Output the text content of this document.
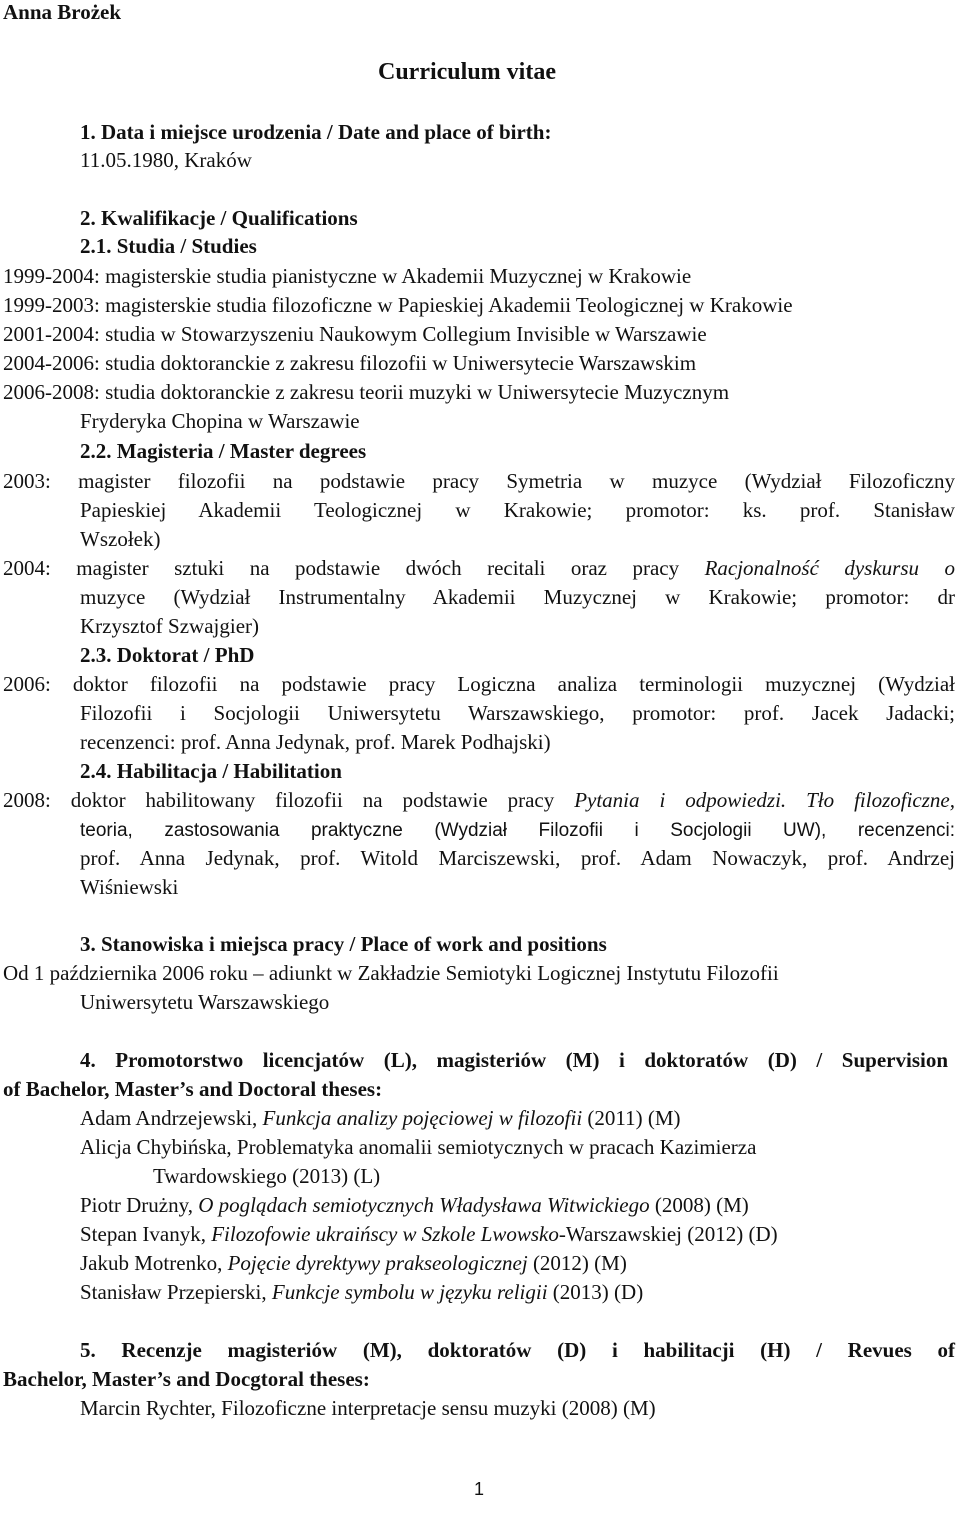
Anna Brożek
Curriculum vitae
1. Data i miejsce urodzenia / Date and place of birth:
11.05.1980, Kraków
2. Kwalifikacje / Qualifications
2.1. Studia / Studies
1999-2004: magisterskie studia pianistyczne w Akademii Muzycznej w Krakowie
1999-2003: magisterskie studia filozoficzne w Papieskiej Akademii Teologicznej w Krakowie
2001-2004: studia w Stowarzyszeniu Naukowym Collegium Invisible w Warszawie
2004-2006: studia doktoranckie z zakresu filozofii w Uniwersytecie Warszawskim
2006-2008: studia doktoranckie z zakresu teorii muzyki w Uniwersytecie Muzycznym
Fryderyka Chopina w Warszawie
2.2. Magisteria / Master degrees
2003: magister filozofii na podstawie pracy Symetria w muzyce (Wydział Filozoficzny
Papieskiej Akademii Teologicznej w Krakowie; promotor: ks. prof. Stanisław
Wszołek)
2004: magister sztuki na podstawie dwóch recitali oraz pracy Racjonalność dyskursu o
muzyce (Wydział Instrumentalny Akademii Muzycznej w Krakowie; promotor: dr
Krzysztof Szwajgier)
2.3. Doktorat / PhD
2006: doktor filozofii na podstawie pracy Logiczna analiza terminologii muzycznej (Wydział
Filozofii i Socjologii Uniwersytetu Warszawskiego, promotor: prof. Jacek Jadacki;
recenzenci: prof. Anna Jedynak, prof. Marek Podhajski)
2.4. Habilitacja / Habilitation
2008: doktor habilitowany filozofii na podstawie pracy Pytania i odpowiedzi. Tło filozoficzne,
teoria, zastosowania praktyczne (Wydział Filozofii i Socjologii UW), recenzenci:
prof. Anna Jedynak, prof. Witold Marciszewski, prof. Adam Nowaczyk, prof. Andrzej
Wiśniewski
3. Stanowiska i miejsca pracy / Place of work and positions
Od 1 października 2006 roku – adiunkt w Zakładzie Semiotyki Logicznej Instytutu Filozofii
Uniwersytetu Warszawskiego
4. Promotorstwo licencjatów (L), magisteriów (M) i doktoratów (D) / Supervision
of Bachelor, Master’s and Doctoral theses:
Adam Andrzejewski, Funkcja analizy pojęciowej w filozofii (2011) (M)
Alicja Chybińska, Problematyka anomalii semiotycznych w pracach Kazimierza
Twardowskiego (2013) (L)
Piotr Drużny, O poglądach semiotycznych Władysława Witwickiego (2008) (M)
Stepan Ivanyk, Filozofowie ukraińscy w Szkole Lwowsko-Warszawskiej (2012) (D)
Jakub Motrenko, Pojęcie dyrektywy prakseologicznej (2012) (M)
Stanisław Przepierski, Funkcje symbolu w języku religii (2013) (D)
5. Recenzje magisteriów (M), doktoratów (D) i habilitacji (H) / Revues of
Bachelor, Master’s and Docgtoral theses:
Marcin Rychter, Filozoficzne interpretacje sensu muzyki (2008) (M)
1
